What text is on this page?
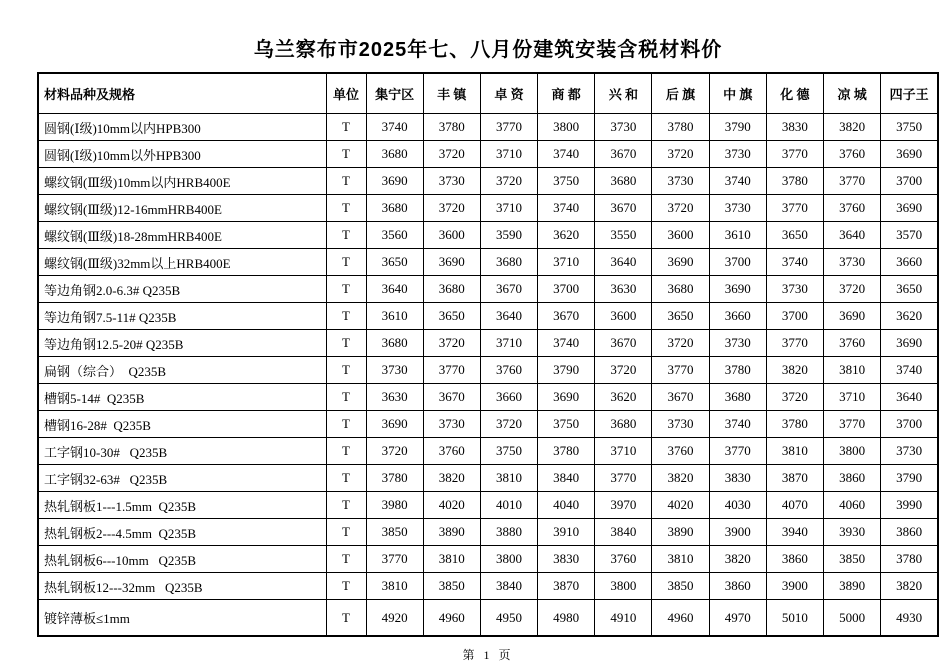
乌兰察布市2025年七、八月份建筑安装含税材料价
材料品种及规格	单位	集宁区	丰 镇	卓 资	商 都	兴 和	后 旗	中 旗	化 德	凉 城	四子王
圆钢(Ⅰ级)10mm以内HPB300	T	3740	3780	3770	3800	3730	3780	3790	3830	3820	3750
圆钢(Ⅰ级)10mm以外HPB300	T	3680	3720	3710	3740	3670	3720	3730	3770	3760	3690
螺纹钢(Ⅲ级)10mm以内HRB400E	T	3690	3730	3720	3750	3680	3730	3740	3780	3770	3700
螺纹钢(Ⅲ级)12-16mmHRB400E	T	3680	3720	3710	3740	3670	3720	3730	3770	3760	3690
螺纹钢(Ⅲ级)18-28mmHRB400E	T	3560	3600	3590	3620	3550	3600	3610	3650	3640	3570
螺纹钢(Ⅲ级)32mm以上HRB400E	T	3650	3690	3680	3710	3640	3690	3700	3740	3730	3660
等边角钢2.0-6.3# Q235B	T	3640	3680	3670	3700	3630	3680	3690	3730	3720	3650
等边角钢7.5-11# Q235B	T	3610	3650	3640	3670	3600	3650	3660	3700	3690	3620
等边角钢12.5-20# Q235B	T	3680	3720	3710	3740	3670	3720	3730	3770	3760	3690
扁钢（综合）  Q235B	T	3730	3770	3760	3790	3720	3770	3780	3820	3810	3740
槽钢5-14#  Q235B	T	3630	3670	3660	3690	3620	3670	3680	3720	3710	3640
槽钢16-28#  Q235B	T	3690	3730	3720	3750	3680	3730	3740	3780	3770	3700
工字钢10-30#   Q235B	T	3720	3760	3750	3780	3710	3760	3770	3810	3800	3730
工字钢32-63#   Q235B	T	3780	3820	3810	3840	3770	3820	3830	3870	3860	3790
热轧钢板1---1.5mm  Q235B	T	3980	4020	4010	4040	3970	4020	4030	4070	4060	3990
热轧钢板2---4.5mm  Q235B	T	3850	3890	3880	3910	3840	3890	3900	3940	3930	3860
热轧钢板6---10mm   Q235B	T	3770	3810	3800	3830	3760	3810	3820	3860	3850	3780
热轧钢板12---32mm   Q235B	T	3810	3850	3840	3870	3800	3850	3860	3900	3890	3820
镀锌薄板≤1mm	T	4920	4960	4950	4980	4910	4960	4970	5010	5000	4930
第 1 页
